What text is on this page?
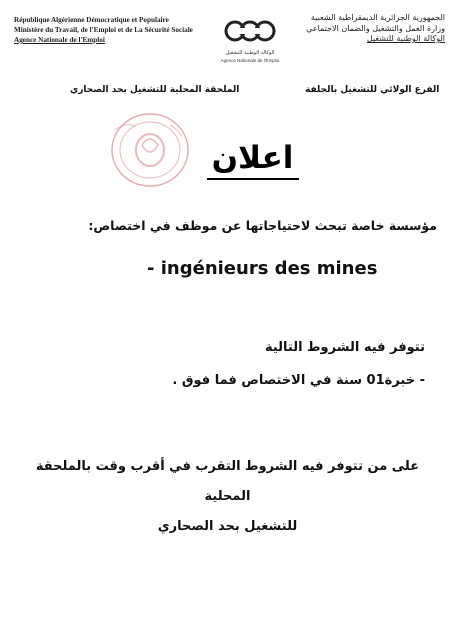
République Algérienne Démocratique et Populaire
Ministère du Travail, de l'Emploi et de La Sécurité Sociale
Agence Nationale de l'Emploi
الوكالة الوطنية للتشغيل
Agence Nationale de l'Emploi
الجمهورية الجزائرية الديمقراطية الشعبية
وزارة العمل والتشغيل والضمان الاجتماعي
الوكالة الوطنية للتشغيل
الفرع الولائي للتشغيل بالجلفة
الملحقة المحلية للتشغيل بحد الصحاري
اعلان
مؤسسة خاصة تبحث لاحتياجاتها عن موظف في اختصاص:
- ingénieurs des mines
تتوفر فيه الشروط التالية
- خبرة01 سنة في الاختصاص فما فوق .
على من تتوفر فيه الشروط التقرب في أقرب وقت بالملحقة المحلية
للتشغيل بحد الصحاري
